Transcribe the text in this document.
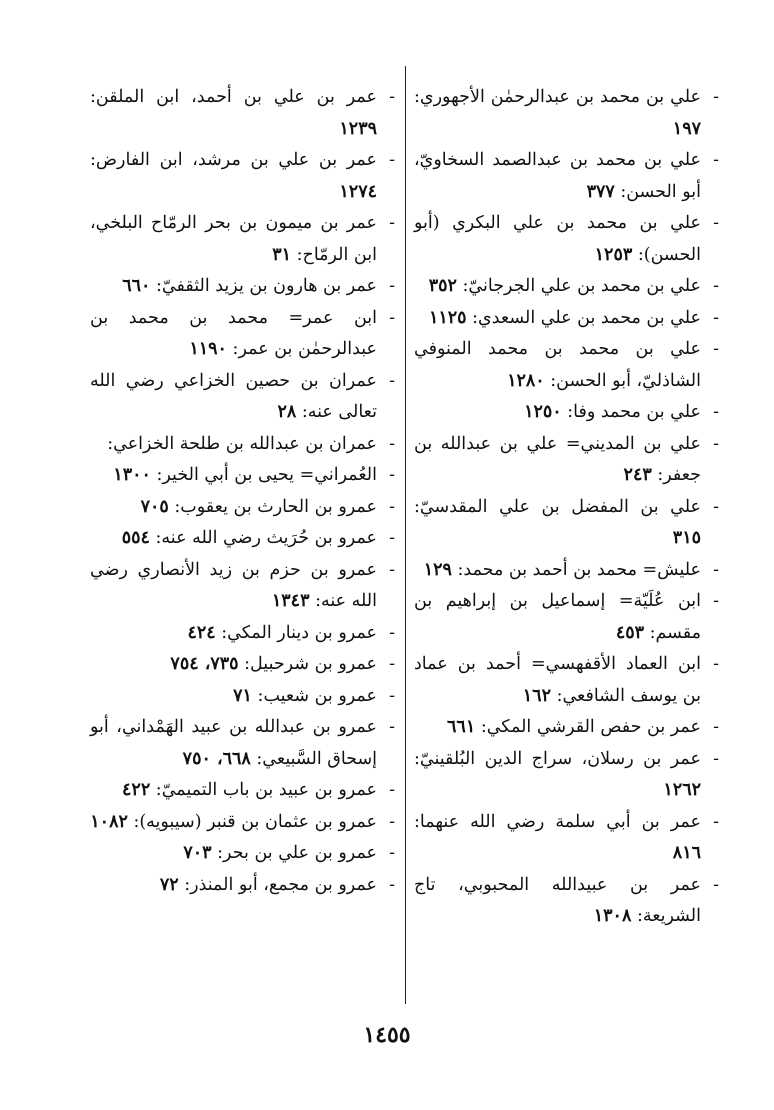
-
علي بن محمد بن عبدالرحمٰن الأجهوري: ١٩٧

-
علي بن محمد بن عبدالصمد السخاويّ، أبو الحسن: ٣٧٧

-
علي بن محمد بن علي البكري (أبو الحسن): ١٢٥٣

-
علي بن محمد بن علي الجرجانيّ: ٣٥٢

-
علي بن محمد بن علي السعدي: ١١٢٥

-
علي بن محمد بن محمد المنوفي الشاذليّ، أبو الحسن: ١٢٨٠

-
علي بن محمد وفا: ١٢٥٠

-
علي بن المديني= علي بن عبدالله بن جعفر: ٢٤٣

-
علي بن المفضل بن علي المقدسيّ: ٣١٥

-
عليش= محمد بن أحمد بن محمد: ١٢٩

-
ابن عُلَيّة= إسماعيل بن إبراهيم بن مقسم: ٤٥٣

-
ابن العماد الأقفهسي= أحمد بن عماد بن يوسف الشافعي: ١٦٢

-
عمر بن حفص القرشي المكي: ٦٦١

-
عمر بن رسلان، سراج الدين البُلقينيّ: ١٢٦٢

-
عمر بن أبي سلمة رضي الله عنهما: ٨١٦

-
عمر بن عبيدالله المحبوبي، تاج الشريعة: ١٣٠٨

-
عمر بن علي بن أحمد، ابن الملقن: ١٢٣٩

-
عمر بن علي بن مرشد، ابن الفارض: ١٢٧٤

-
عمر بن ميمون بن بحر الرمّاح البلخي، ابن الرمّاح: ٣١

-
عمر بن هارون بن يزيد الثقفيّ: ٦٦٠

-
ابن عمر= محمد بن محمد بن عبدالرحمٰن بن عمر: ١١٩٠

-
عمران بن حصين الخزاعي رضي الله تعالى عنه: ٢٨

-
عمران بن عبدالله بن طلحة الخزاعي:

-
العُمراني= يحيى بن أبي الخير: ١٣٠٠

-
عمرو بن الحارث بن يعقوب: ٧٠٥

-
عمرو بن حُرَيث رضي الله عنه: ٥٥٤

-
عمرو بن حزم بن زيد الأنصاري رضي الله عنه: ١٣٤٣

-
عمرو بن دينار المكي: ٤٢٤

-
عمرو بن شرحبيل: ٧٣٥، ٧٥٤

-
عمرو بن شعيب: ٧١

-
عمرو بن عبدالله بن عبيد الهَمْداني، أبو إسحاق السَّبيعي: ٦٦٨، ٧٥٠

-
عمرو بن عبيد بن باب التميميّ: ٤٢٢

-
عمرو بن عثمان بن قنبر (سيبويه): ١٠٨٢

-
عمرو بن علي بن بحر: ٧٠٣

-
عمرو بن مجمع، أبو المنذر: ٧٢

١٤٥٥
